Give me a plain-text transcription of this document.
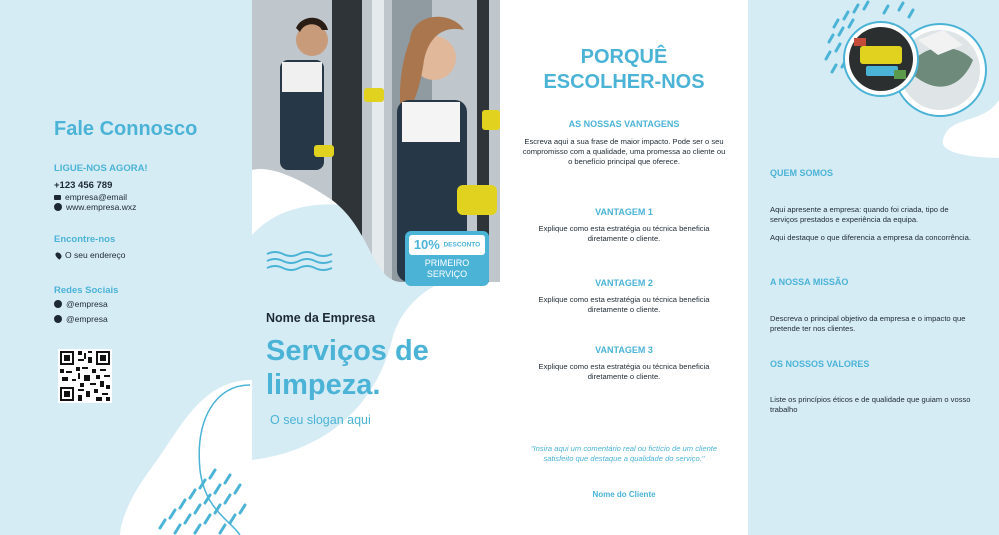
Fale Connosco
LIGUE-NOS AGORA!
+123 456 789
empresa@email
www.empresa.wxz
Encontre-nos
O seu endereço
Redes Sociais
@empresa
@empresa
10% DESCONTO
PRIMEIRO
SERVIÇO
Nome da Empresa
Serviços de
limpeza.
O seu slogan aqui
PORQUÊ
ESCOLHER-NOS
AS NOSSAS VANTAGENS
Escreva aqui a sua frase de maior impacto. Pode ser o seu compromisso com a qualidade, uma promessa ao cliente ou o benefício principal que oferece.
VANTAGEM 1
Explique como esta estratégia ou técnica beneficia diretamente o cliente.
VANTAGEM 2
Explique como esta estratégia ou técnica beneficia diretamente o cliente.
VANTAGEM 3
Explique como esta estratégia ou técnica beneficia diretamente o cliente.
"Insira aqui um comentário real ou fictício de um cliente satisfeito que destaque a qualidade do serviço."
Nome do Cliente
QUEM SOMOS
Aqui apresente a empresa: quando foi criada, tipo de serviços prestados e experiência da equipa.
Aqui destaque o que diferencia a empresa da concorrência.
A NOSSA MISSÃO
Descreva o principal objetivo da empresa e o impacto que pretende ter nos clientes.
OS NOSSOS VALORES
Liste os princípios éticos e de qualidade que guiam o vosso trabalho
